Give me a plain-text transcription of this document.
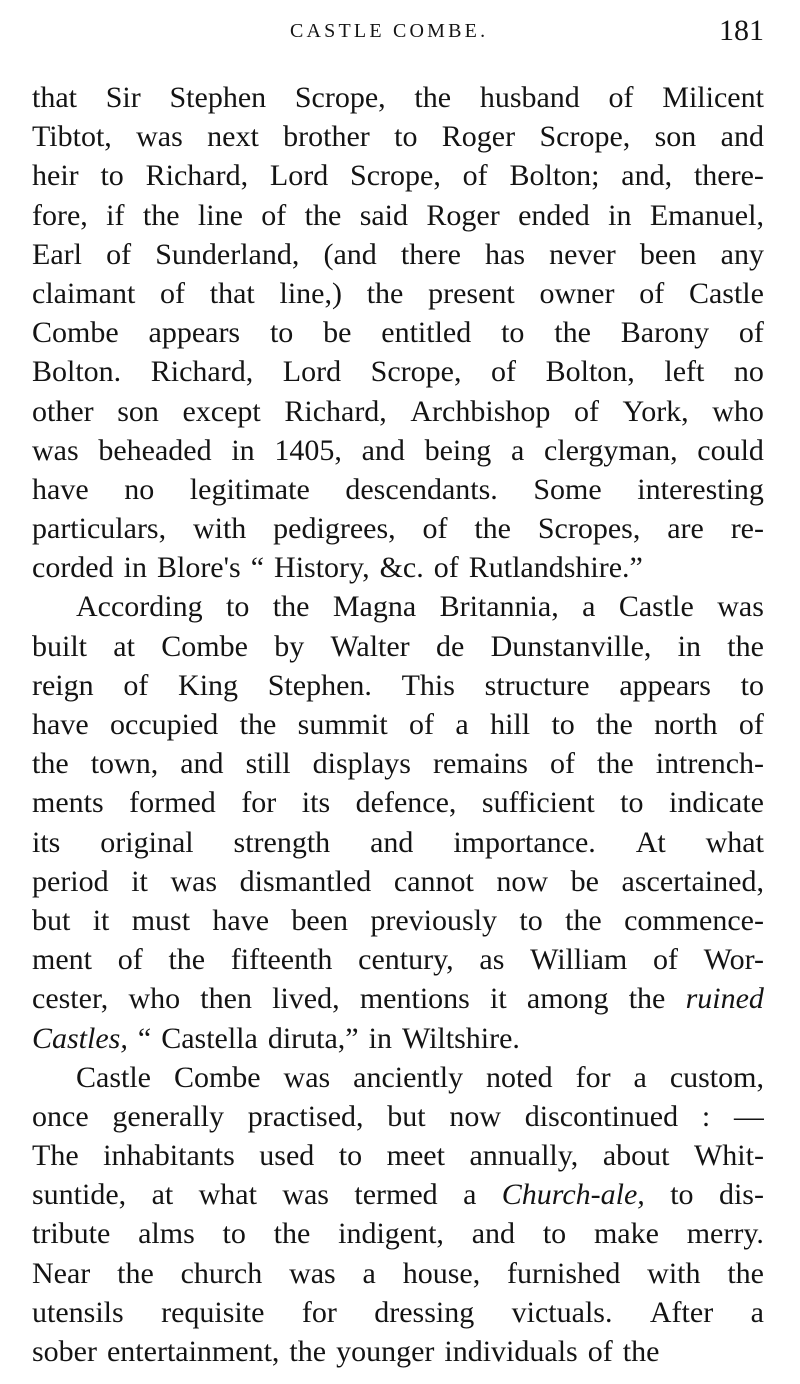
CASTLE COMBE.	181
that Sir Stephen Scrope, the husband of Milicent
Tibtot, was next brother to Roger Scrope, son and
heir to Richard, Lord Scrope, of Bolton; and, there-
fore, if the line of the said Roger ended in Emanuel,
Earl of Sunderland, (and there has never been any
claimant of that line,) the present owner of Castle
Combe appears to be entitled to the Barony of
Bolton. Richard, Lord Scrope, of Bolton, left no
other son except Richard, Archbishop of York, who
was beheaded in 1405, and being a clergyman, could
have no legitimate descendants. Some interesting
particulars, with pedigrees, of the Scropes, are re-
corded in Blore's “ History, &c. of Rutlandshire.”
According to the Magna Britannia, a Castle was
built at Combe by Walter de Dunstanville, in the
reign of King Stephen. This structure appears to
have occupied the summit of a hill to the north of
the town, and still displays remains of the intrench-
ments formed for its defence, sufficient to indicate
its original strength and importance. At what
period it was dismantled cannot now be ascertained,
but it must have been previously to the commence-
ment of the fifteenth century, as William of Wor-
cester, who then lived, mentions it among the ruined
Castles, “ Castella diruta,” in Wiltshire.
Castle Combe was anciently noted for a custom,
once generally practised, but now discontinued : —
The inhabitants used to meet annually, about Whit-
suntide, at what was termed a Church-ale, to dis-
tribute alms to the indigent, and to make merry.
Near the church was a house, furnished with the
utensils requisite for dressing victuals. After a
sober entertainment, the younger individuals of the
